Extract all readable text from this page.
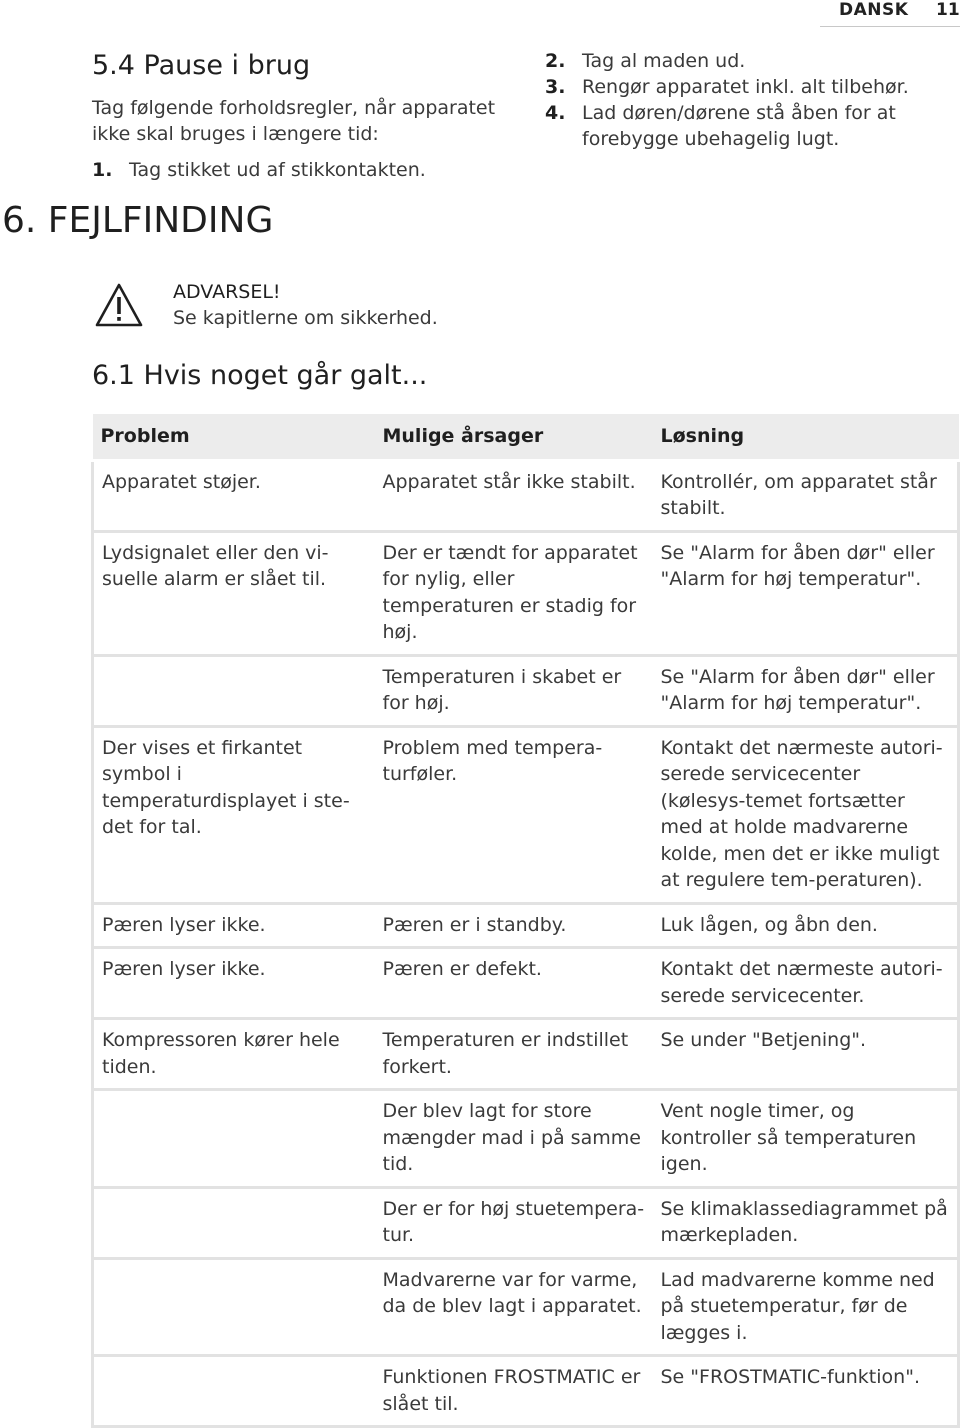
DANSK 11
5.4 Pause i brug
Tag følgende forholdsregler, når apparatet ikke skal bruges i længere tid:
1. Tag stikket ud af stikkontakten.
2. Tag al maden ud.
3. Rengør apparatet inkl. alt tilbehør.
4. Lad døren/dørene stå åben for at forebygge ubehagelig lugt.
6. FEJLFINDING
ADVARSEL!
Se kapitlerne om sikkerhed.
6.1 Hvis noget går galt...
Problem	Mulige årsager	Løsning
Apparatet støjer.	Apparatet står ikke stabilt.	Kontrollér, om apparatet står stabilt.
Lydsignalet eller den vi-suelle alarm er slået til.	Der er tændt for apparatet for nylig, eller temperaturen er stadig for høj.	Se "Alarm for åben dør" eller "Alarm for høj temperatur".
	Temperaturen i skabet er for høj.	Se "Alarm for åben dør" eller "Alarm for høj temperatur".
Der vises et firkantet symbol i temperaturdisplayet i ste-det for tal.	Problem med tempera-turføler.	Kontakt det nærmeste autori-serede servicecenter (kølesys-temet fortsætter med at holde madvarerne kolde, men det er ikke muligt at regulere tem-peraturen).
Pæren lyser ikke.	Pæren er i standby.	Luk lågen, og åbn den.
Pæren lyser ikke.	Pæren er defekt.	Kontakt det nærmeste autori-serede servicecenter.
Kompressoren kører hele tiden.	Temperaturen er indstillet forkert.	Se under "Betjening".
	Der blev lagt for store mængder mad i på samme tid.	Vent nogle timer, og kontroller så temperaturen igen.
	Der er for høj stuetempera-tur.	Se klimaklassediagrammet på mærkepladen.
	Madvarerne var for varme, da de blev lagt i apparatet.	Lad madvarerne komme ned på stuetemperatur, før de lægges i.
	Funktionen FROSTMATIC er slået til.	Se "FROSTMATIC-funktion".
